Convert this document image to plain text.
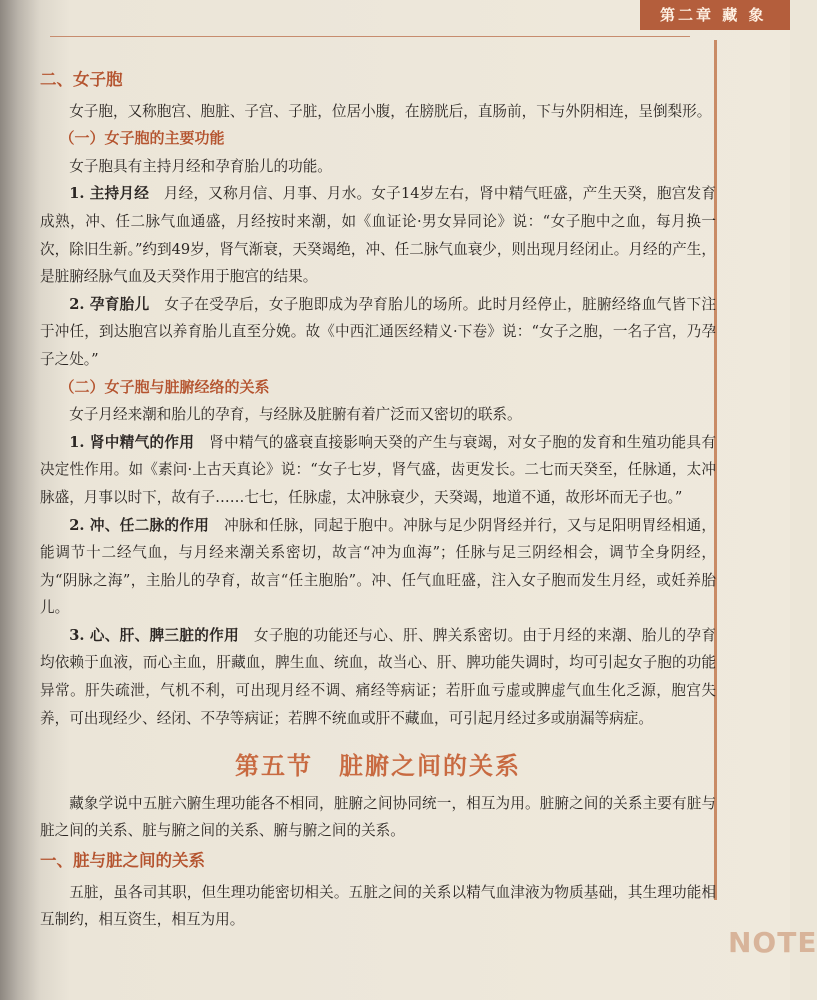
第二章 藏 象
NOTE
二、女子胞

女子胞，又称胞宫、胞脏、子宫、子脏，位居小腹，在膀胱后，直肠前，下与外阴相连，呈倒梨形。

（一）女子胞的主要功能

女子胞具有主持月经和孕育胎儿的功能。

1. 主持月经　 月经，又称月信、月事、月水。女子14岁左右，肾中精气旺盛，产生天癸，胞宫发育成熟，冲、任二脉气血通盛，月经按时来潮，如《血证论·男女异同论》说：“女子胞中之血，每月换一次，除旧生新。”约到49岁，肾气渐衰，天癸竭绝，冲、任二脉气血衰少，则出现月经闭止。月经的产生，是脏腑经脉气血及天癸作用于胞宫的结果。

2. 孕育胎儿　 女子在受孕后，女子胞即成为孕育胎儿的场所。此时月经停止，脏腑经络血气皆下注于冲任，到达胞宫以养育胎儿直至分娩。故《中西汇通医经精义·下卷》说：“女子之胞，一名子宫，乃孕子之处。”

（二）女子胞与脏腑经络的关系

女子月经来潮和胎儿的孕育，与经脉及脏腑有着广泛而又密切的联系。

1. 肾中精气的作用　 肾中精气的盛衰直接影响天癸的产生与衰竭，对女子胞的发育和生殖功能具有决定性作用。如《素问·上古天真论》说：“女子七岁，肾气盛，齿更发长。二七而天癸至，任脉通，太冲脉盛，月事以时下，故有子……七七，任脉虚，太冲脉衰少，天癸竭，地道不通，故形坏而无子也。”

2. 冲、任二脉的作用　 冲脉和任脉，同起于胞中。冲脉与足少阴肾经并行，又与足阳明胃经相通，能调节十二经气血，与月经来潮关系密切，故言“冲为血海”；任脉与足三阴经相会，调节全身阴经，为“阴脉之海”，主胎儿的孕育，故言“任主胞胎”。冲、任气血旺盛，注入女子胞而发生月经，或妊养胎儿。

3. 心、肝、脾三脏的作用　 女子胞的功能还与心、肝、脾关系密切。由于月经的来潮、胎儿的孕育均依赖于血液，而心主血，肝藏血，脾生血、统血，故当心、肝、脾功能失调时，均可引起女子胞的功能异常。肝失疏泄，气机不利，可出现月经不调、痛经等病证；若肝血亏虚或脾虚气血生化乏源，胞宫失养，可出现经少、经闭、不孕等病证；若脾不统血或肝不藏血，可引起月经过多或崩漏等病症。

第五节 脏腑之间的关系

藏象学说中五脏六腑生理功能各不相同，脏腑之间协同统一，相互为用。脏腑之间的关系主要有脏与脏之间的关系、脏与腑之间的关系、腑与腑之间的关系。

一、脏与脏之间的关系

五脏，虽各司其职，但生理功能密切相关。五脏之间的关系以精气血津液为物质基础，其生理功能相互制约，相互资生，相互为用。
